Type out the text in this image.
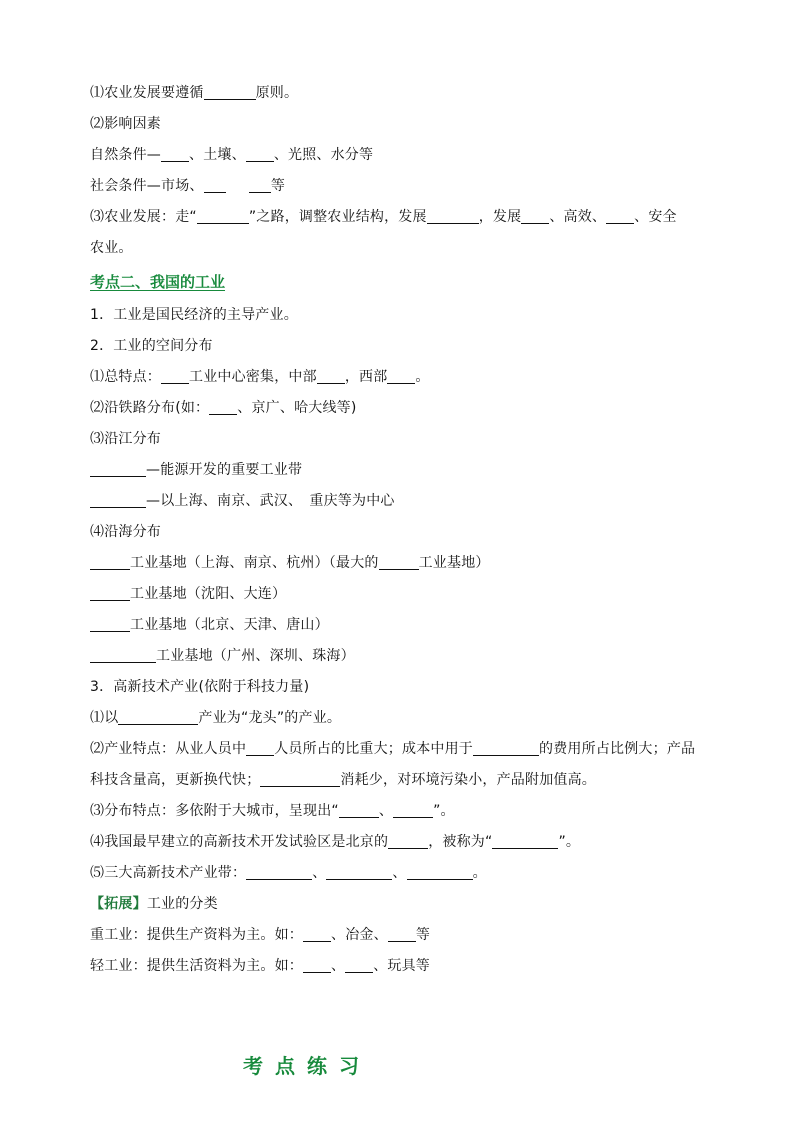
⑴农业发展要遵循	原则。
⑵影响因素
自然条件— 、土壤、 、光照、水分等
社会条件—市场、	等
⑶农业发展：走“	”之路，调整农业结构，发展	，发展 、高效、 、安全
农业。
考点二、我国的工业
1．工业是国民经济的主导产业。
2．工业的空间分布
⑴总特点： 工业中心密集，中部 ，西部 。
⑵沿铁路分布(如： 、京广、哈大线等)
⑶沿江分布
—能源开发的重要工业带
—以上海、南京、武汉、　重庆等为中心
⑷沿海分布
工业基地（上海、南京、杭州）（最大的	工业基地）
工业基地（沈阳、大连）
工业基地（北京、天津、唐山）
工业基地（广州、深圳、珠海）
3．高新技术产业(依附于科技力量)
⑴以	产业为“龙头”的产业。
⑵产业特点：从业人员中 人员所占的比重大；成本中用于	的费用所占比例大；产品
科技含量高，更新换代快；	消耗少，对环境污染小，产品附加值高。
⑶分布特点：多依附于大城市，呈现出“	、	”。
⑷我国最早建立的高新技术开发试验区是北京的	，被称为“	”。
⑸三大高新技术产业带：	、	、	。
【拓展】工业的分类
重工业：提供生产资料为主。如： 、冶金、 等
轻工业：提供生活资料为主。如： 、 、玩具等
考点练习
